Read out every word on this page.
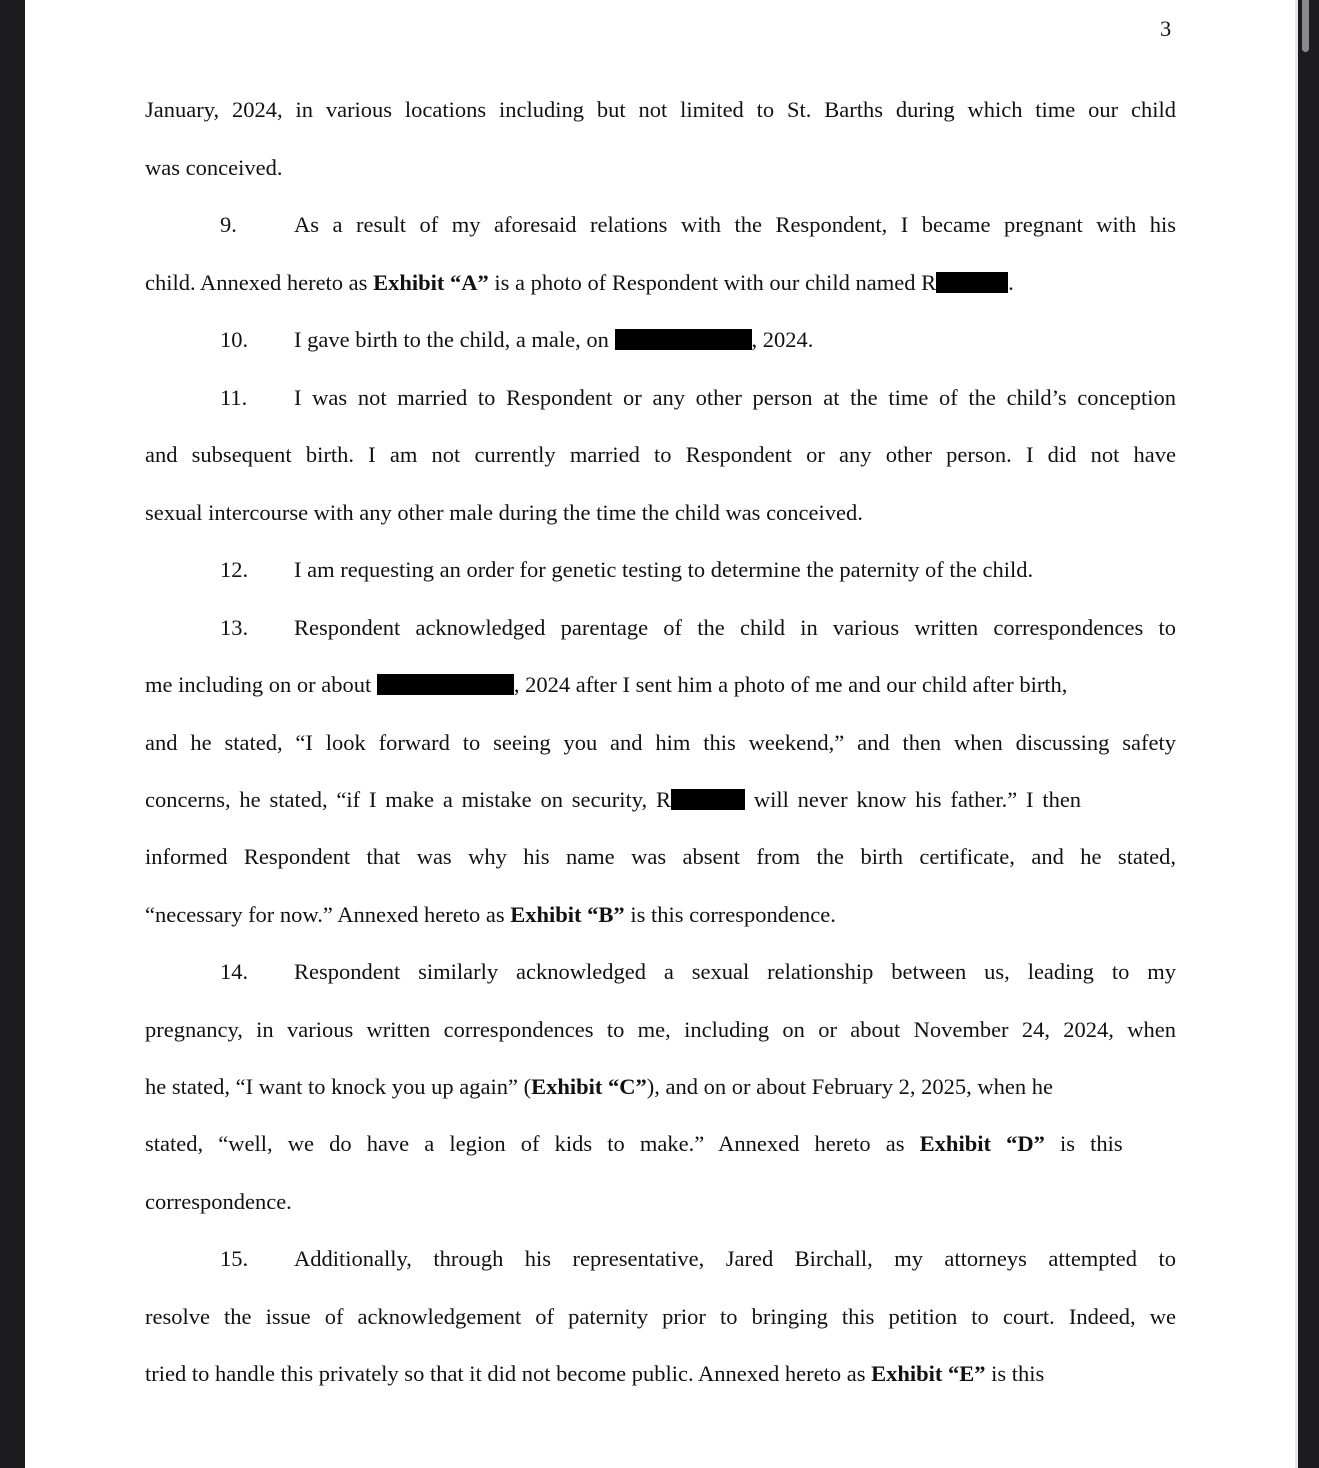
3
January, 2024, in various locations including but not limited to St. Barths during which time our child
was conceived.
9.	As a result of my aforesaid relations with the Respondent, I became pregnant with his
child. Annexed hereto as Exhibit “A” is a photo of Respondent with our child named R	.
10.	I gave birth to the child, a male, on	, 2024.
11.	I was not married to Respondent or any other person at the time of the child’s conception
and subsequent birth. I am not currently married to Respondent or any other person. I did not have
sexual intercourse with any other male during the time the child was conceived.
12.	I am requesting an order for genetic testing to determine the paternity of the child.
13.	Respondent acknowledged parentage of the child in various written correspondences to
me including on or about	, 2024 after I sent him a photo of me and our child after birth,
and he stated, “I look forward to seeing you and him this weekend,” and then when discussing safety
concerns, he stated, “if I make a mistake on security, R	will never know his father.” I then
informed Respondent that was why his name was absent from the birth certificate, and he stated,
“necessary for now.” Annexed hereto as Exhibit “B” is this correspondence.
14.	Respondent similarly acknowledged a sexual relationship between us, leading to my
pregnancy, in various written correspondences to me, including on or about November 24, 2024, when
he stated, “I want to knock you up again” (Exhibit “C”), and on or about February 2, 2025, when he
stated, “well, we do have a legion of kids to make.” Annexed hereto as Exhibit “D” is this
correspondence.
15.	Additionally, through his representative, Jared Birchall, my attorneys attempted to
resolve the issue of acknowledgement of paternity prior to bringing this petition to court. Indeed, we
tried to handle this privately so that it did not become public. Annexed hereto as Exhibit “E” is this
